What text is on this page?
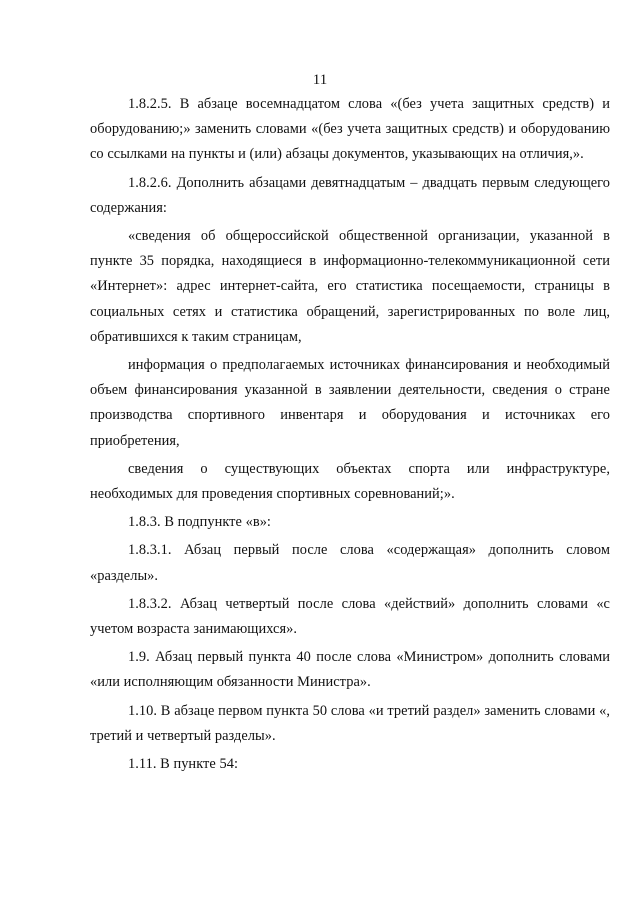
11

1.8.2.5. В абзаце восемнадцатом слова «(без учета защитных средств) и оборудованию;» заменить словами «(без учета защитных средств) и оборудованию со ссылками на пункты и (или) абзацы документов, указывающих на отличия,».

1.8.2.6. Дополнить абзацами девятнадцатым – двадцать первым следующего содержания:

«сведения об общероссийской общественной организации, указанной в пункте 35 порядка, находящиеся в информационно-телекоммуникационной сети «Интернет»: адрес интернет-сайта, его статистика посещаемости, страницы в социальных сетях и статистика обращений, зарегистрированных по воле лиц, обратившихся к таким страницам,

информация о предполагаемых источниках финансирования и необходимый объем финансирования указанной в заявлении деятельности, сведения о стране производства спортивного инвентаря и оборудования и источниках его приобретения,

сведения о существующих объектах спорта или инфраструктуре, необходимых для проведения спортивных соревнований;».

1.8.3. В подпункте «в»:

1.8.3.1. Абзац первый после слова «содержащая» дополнить словом «разделы».

1.8.3.2. Абзац четвертый после слова «действий» дополнить словами «с учетом возраста занимающихся».

1.9. Абзац первый пункта 40 после слова «Министром» дополнить словами «или исполняющим обязанности Министра».

1.10. В абзаце первом пункта 50 слова «и третий раздел» заменить словами «, третий и четвертый разделы».

1.11. В пункте 54:
